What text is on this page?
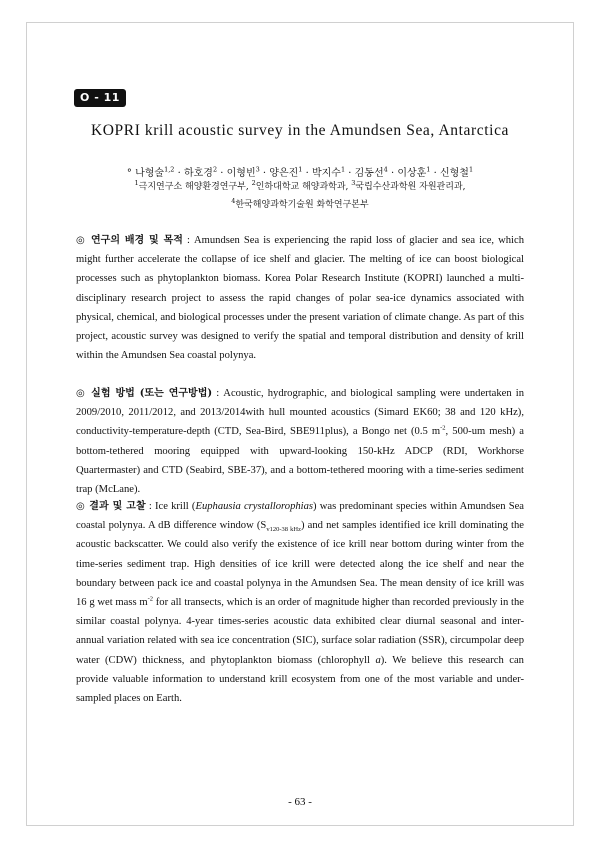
O - 11
KOPRI krill acoustic survey in the Amundsen Sea, Antarctica
° 나형술$^{1,2}$ · 하호경$^2$ · 이형빈$^3$ · 양은진$^1$ · 박지수$^1$ · 김동선$^4$ · 이상훈$^1$ · 신형철$^1$
$^1$극지연구소 해양환경연구부, $^2$인하대학교 해양과학과, $^3$국립수산과학원 자원관리과,
$^4$한국해양과학기술원 화학연구본부

◎ 연구의 배경 및 목적 : Amundsen Sea is experiencing the rapid loss of glacier and sea ice, which might further accelerate the collapse of ice shelf and glacier. The melting of ice can boost biological processes such as phytoplankton biomass. Korea Polar Research Institute (KOPRI) launched a multi-disciplinary research project to assess the rapid changes of polar sea-ice dynamics associated with physical, chemical, and biological processes under the present variation of climate change. As part of this project, acoustic survey was designed to verify the spatial and temporal distribution and density of krill within the Amundsen Sea coastal polynya.

◎ 실험 방법 (또는 연구방법) : Acoustic, hydrographic, and biological sampling were undertaken in 2009/2010, 2011/2012, and 2013/2014with hull mounted acoustics (Simard EK60; 38 and 120 kHz), conductivity-temperature-depth (CTD, Sea-Bird, SBE911plus), a Bongo net (0.5 $m^{-2}$, 500-um mesh) a bottom-tethered mooring equipped with upward-looking 150-kHz ADCP (RDI, Workhorse Quartermaster) and CTD (Seabird, SBE-37), and a bottom-tethered mooring with a time-series sediment trap (McLane).

◎ 결과 및 고찰 : Ice krill (Euphausia crystallorophias) was predominant species within Amundsen Sea coastal polynya. A dB difference window $(S_{v120-38 kHz})$ and net samples identified ice krill dominating the acoustic backscatter. We could also verify the existence of ice krill near bottom during winter from the time-series sediment trap. High densities of ice krill were detected along the ice shelf and near the boundary between pack ice and coastal polynya in the Amundsen Sea. The mean density of ice krill was 16 g wet mass $m^{-2}$ for all transects, which is an order of magnitude higher than recorded previously in the similar coastal polynya. 4-year times-series acoustic data exhibited clear diurnal seasonal and inter-annual variation related with sea ice concentration (SIC), surface solar radiation (SSR), circumpolar deep water (CDW) thickness, and phytoplankton biomass (chlorophyll a). We believe this research can provide valuable information to understand krill ecosystem from one of the most variable and under-sampled places on Earth.

- 63 -
